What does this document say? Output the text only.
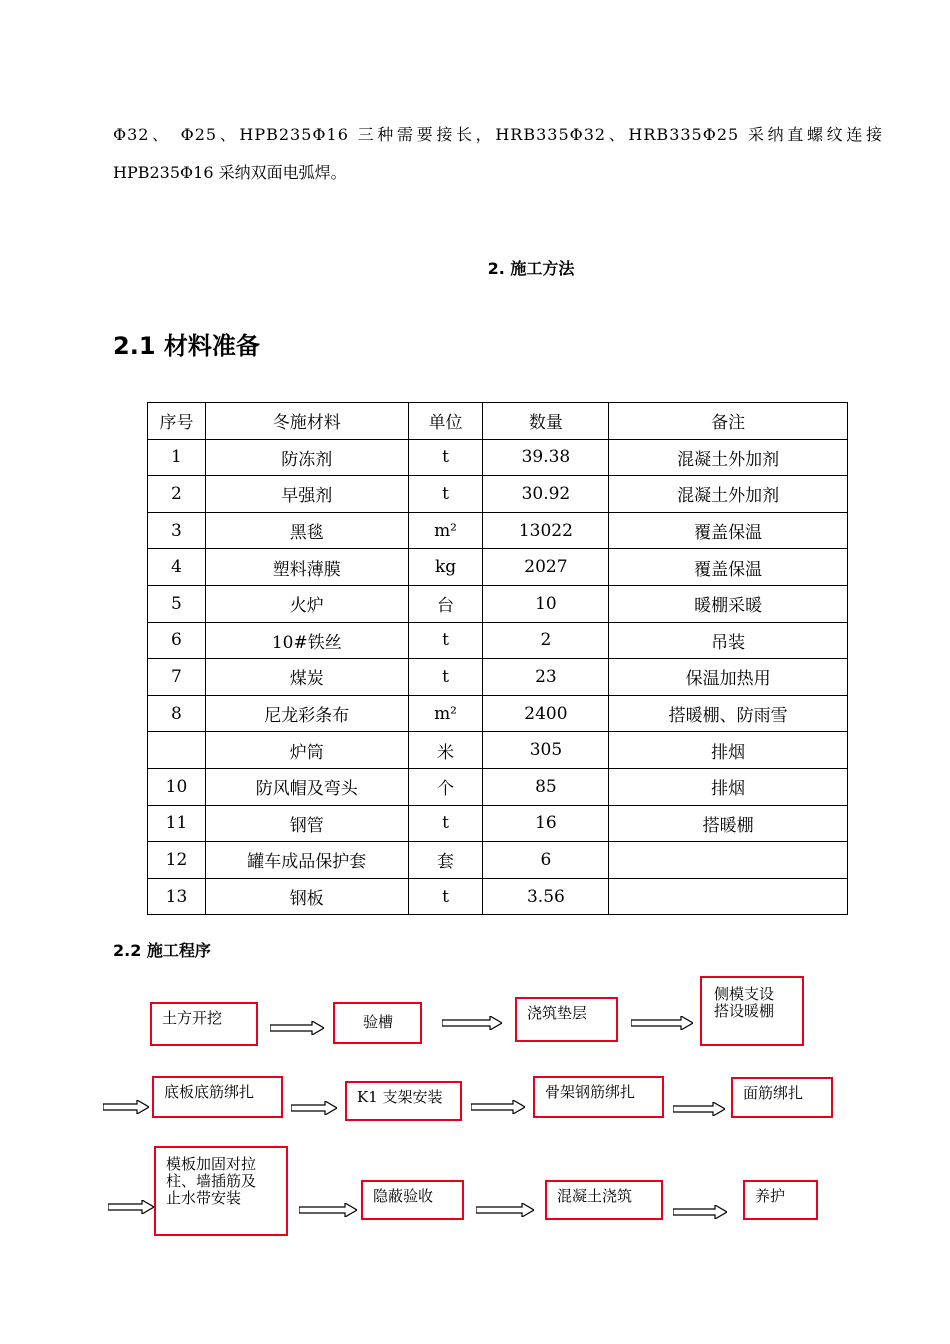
Φ32、 Φ25、HPB235Φ16 三种需要接长，HRB335Φ32、HRB335Φ25 采纳直螺纹连接
HPB235Φ16 采纳双面电弧焊。
2. 施工方法
2.1 材料准备
序号	冬施材料	单位	数量	备注
1	防冻剂	t	39.38	混凝土外加剂
2	早强剂	t	30.92	混凝土外加剂
3	黑毯	m²	13022	覆盖保温
4	塑料薄膜	kg	2027	覆盖保温
5	火炉	台	10	暖棚采暖
6	10#铁丝	t	2	吊装
7	煤炭	t	23	保温加热用
8	尼龙彩条布	m²	2400	搭暖棚、防雨雪
	炉筒	米	305	排烟
10	防风帽及弯头	个	85	排烟
11	钢管	t	16	搭暖棚
12	罐车成品保护套	套	6	
13	钢板	t	3.56	
2.2 施工程序
土方开挖	验槽	浇筑垫层
侧模支设
搭设暖棚
底板底筋绑扎	K1 支架安装	骨架钢筋绑扎	面筋绑扎
模板加固对拉
柱、墙插筋及
止水带安装	隐蔽验收	混凝土浇筑	养护
